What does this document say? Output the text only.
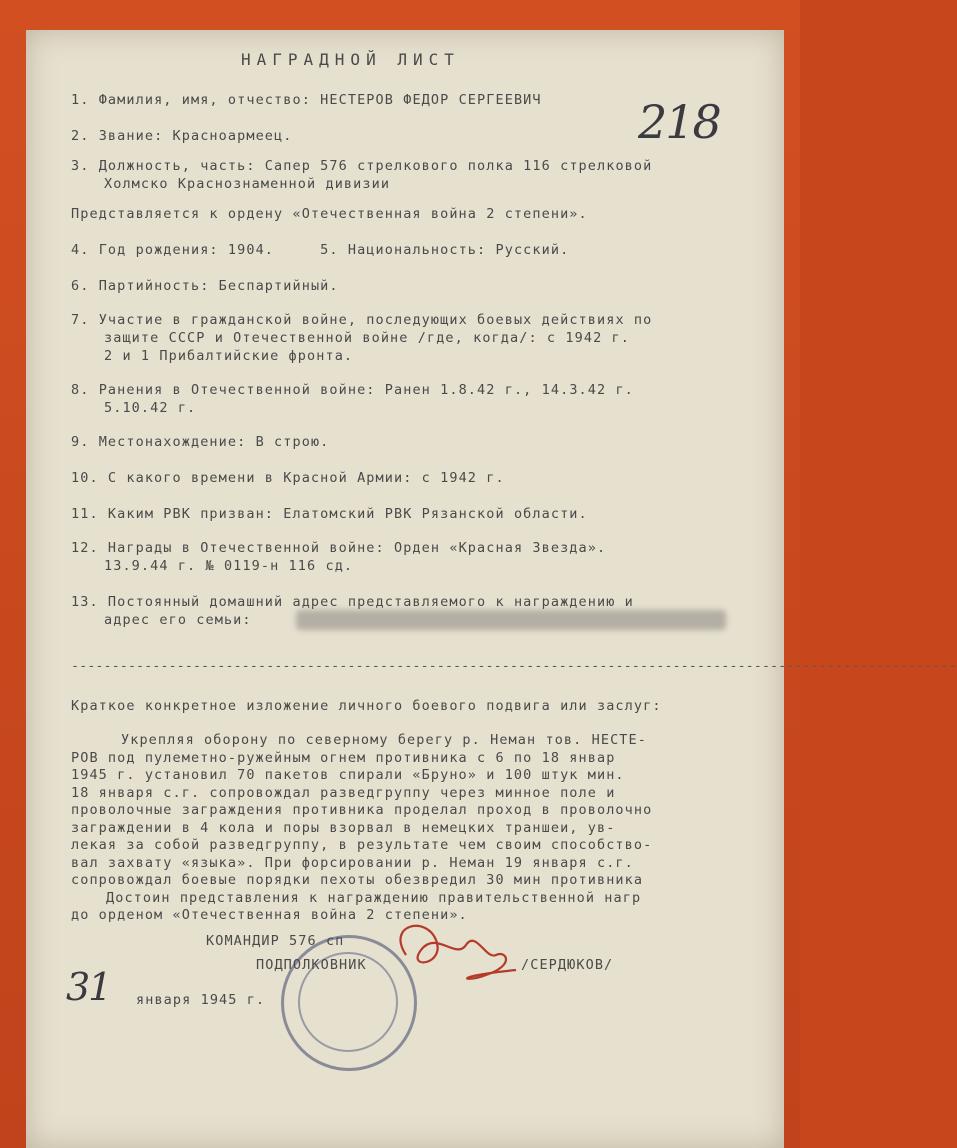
НАГРАДНОЙ ЛИСТ
218
1. Фамилия, имя, отчество: НЕСТЕРОВ ФЕДОР СЕРГЕЕВИЧ
2. Звание: Красноармеец.
3. Должность, часть: Сапер 576 стрелкового полка 116 стрелковой
Холмско Краснознаменной дивизии
Представляется к ордену «Отечественная война 2 степени».
4. Год рождения: 1904.     5. Национальность: Русский.
6. Партийность: Беспартийный.
7. Участие в гражданской войне, последующих боевых действиях по
защите СССР и Отечественной войне /где, когда/: с 1942 г.
2 и 1 Прибалтийские фронта.
8. Ранения в Отечественной войне: Ранен 1.8.42 г., 14.3.42 г.
5.10.42 г.
9. Местонахождение: В строю.
10. С какого времени в Красной Армии: с 1942 г.
11. Каким РВК призван: Елатомский РВК Рязанской области.
12. Награды в Отечественной войне: Орден «Красная Звезда».
13.9.44 г. № 0119-н 116 сд.
13. Постоянный домашний адрес представляемого к награждению и
адрес его семьи:
-------------------------------------------------------------------------------------------------------------
Краткое конкретное изложение личного боевого подвига или заслуг:
Укрепляя оборону по северному берегу р. Неман тов. НЕСТЕ-
РОВ под пулеметно-ружейным огнем противника с 6 по 18 январ
1945 г. установил 70 пакетов спирали «Бруно» и 100 штук мин.
18 января с.г. сопровождал разведгруппу через минное поле и
проволочные заграждения противника проделал проход в проволочно
заграждении в 4 кола и поры взорвал в немецких траншеи, ув-
лекая за собой разведгруппу, в результате чем своим способство-
вал захвату «языка». При форсировании р. Неман 19 января с.г.
сопровождал боевые порядки пехоты обезвредил 30 мин противника
Достоин представления к награждению правительственной нагр
до орденом «Отечественная война 2 степени».
КОМАНДИР 576 сп
ПОДПОЛКОВНИК	/СЕРДЮКОВ/
31 января 1945 г.
